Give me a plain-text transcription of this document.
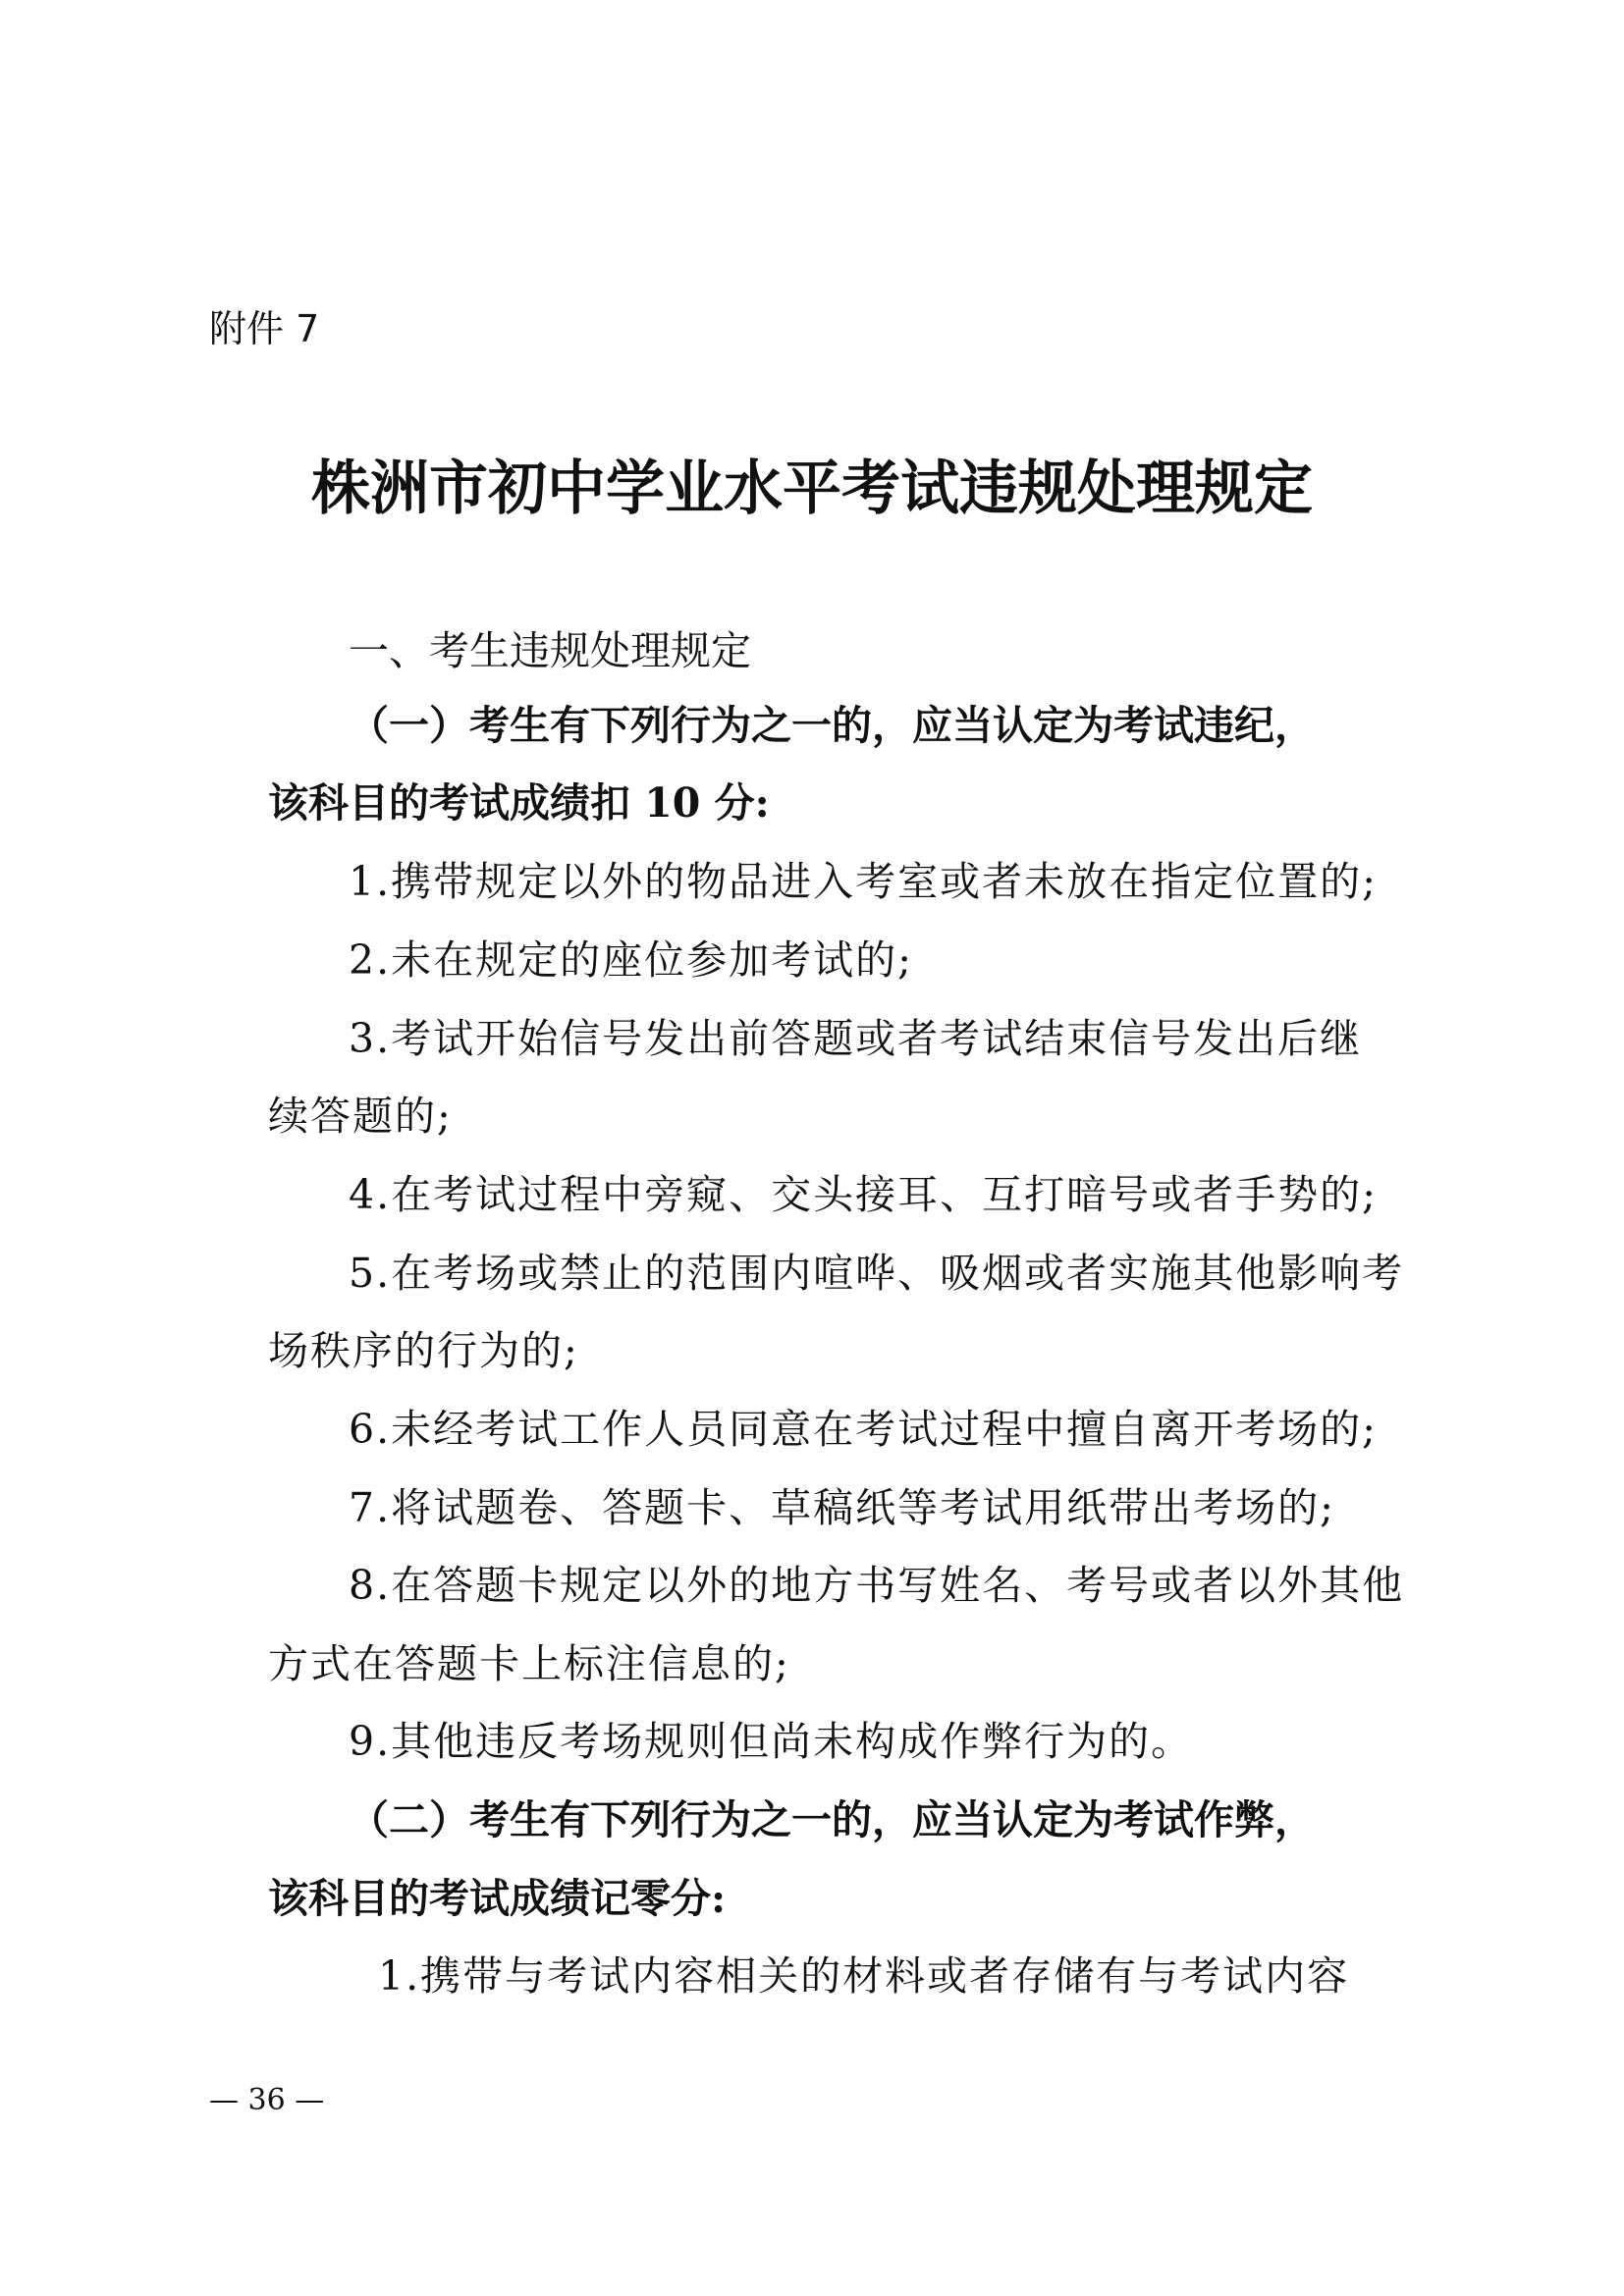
附件 7
株洲市初中学业水平考试违规处理规定
一、考生违规处理规定
（一）考生有下列行为之一的，应当认定为考试违纪，
该科目的考试成绩扣 10 分:
1.携带规定以外的物品进入考室或者未放在指定位置的;
2.未在规定的座位参加考试的;
3.考试开始信号发出前答题或者考试结束信号发出后继
续答题的;
4.在考试过程中旁窥、交头接耳、互打暗号或者手势的;
5.在考场或禁止的范围内喧哗、吸烟或者实施其他影响考
场秩序的行为的;
6.未经考试工作人员同意在考试过程中擅自离开考场的;
7.将试题卷、答题卡、草稿纸等考试用纸带出考场的;
8.在答题卡规定以外的地方书写姓名、考号或者以外其他
方式在答题卡上标注信息的;
9.其他违反考场规则但尚未构成作弊行为的。
（二）考生有下列行为之一的，应当认定为考试作弊，
该科目的考试成绩记零分:
1.携带与考试内容相关的材料或者存储有与考试内容
— 36 —
